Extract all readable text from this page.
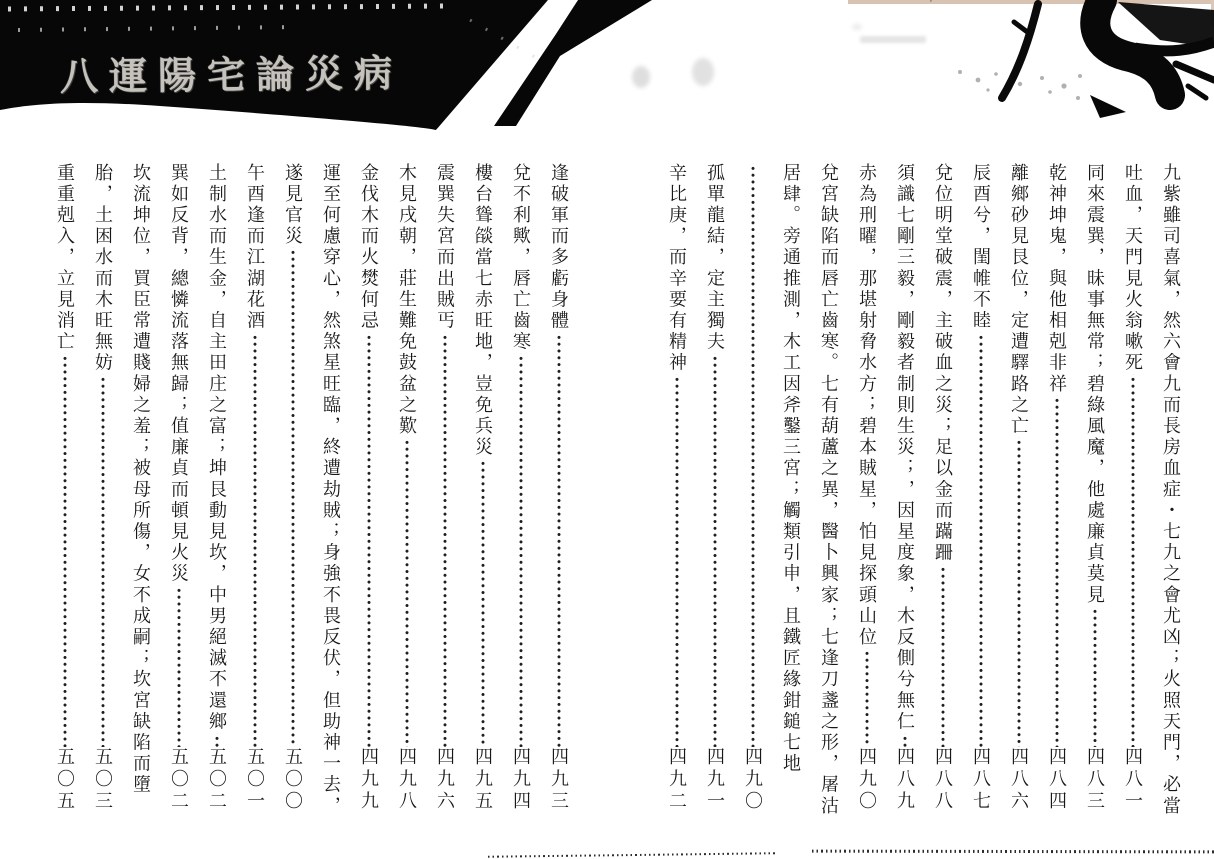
八運陽宅論災病
九紫雖司喜氣，然六會九而長房血症・七九之會尤凶；火照天門，必當
吐血，天門見火翁嗽死
四八一
同來震巽，昧事無常；碧綠風魔，他處廉貞莫見
四八三
乾神坤鬼，與他相剋非祥
四八四
離鄉砂見艮位，定遭驛路之亡
四八六
辰酉兮，閨帷不睦
四八七
兌位明堂破震，主破血之災；足以金而蹣跚
四八八
須識七剛三毅，剛毅者制則生災；，因星度象，木反側兮無仁
四八九
赤為刑曜，那堪射脅水方；碧本賊星，怕見探頭山位
四九〇
兌宮缺陷而唇亡齒寒。七有葫蘆之異，醫卜興家；七逢刀盞之形，屠沽
居肆。旁通推測，木工因斧鑿三宮；觸類引申，且鐵匠緣鉗鎚七地
四九〇
孤單龍結，定主獨夫
四九一
辛比庚，而辛要有精神
四九二
逢破軍而多虧身體
四九三
兌不利歟，唇亡齒寒
四九四
樓台聳燄當七赤旺地，豈免兵災
四九五
震巽失宮而出賊丐
四九六
木見戌朝，莊生難免鼓盆之歎
四九八
金伐木而火燓何忌
四九九
運至何慮穿心，然煞星旺臨，終遭劫賊；身強不畏反伏，但助神一去，
遂見官災
五〇〇
午酉逢而江湖花酒
五〇一
土制水而生金，自主田庄之富；坤艮動見坎，中男絕滅不還鄉
五〇二
巽如反背，總憐流落無歸；值廉貞而頓見火災
五〇二
坎流坤位，買臣常遭賤婦之羞；被母所傷，女不成嗣；坎宮缺陷而墮
胎，土困水而木旺無妨
五〇三
重重剋入，立見消亡
五〇五
